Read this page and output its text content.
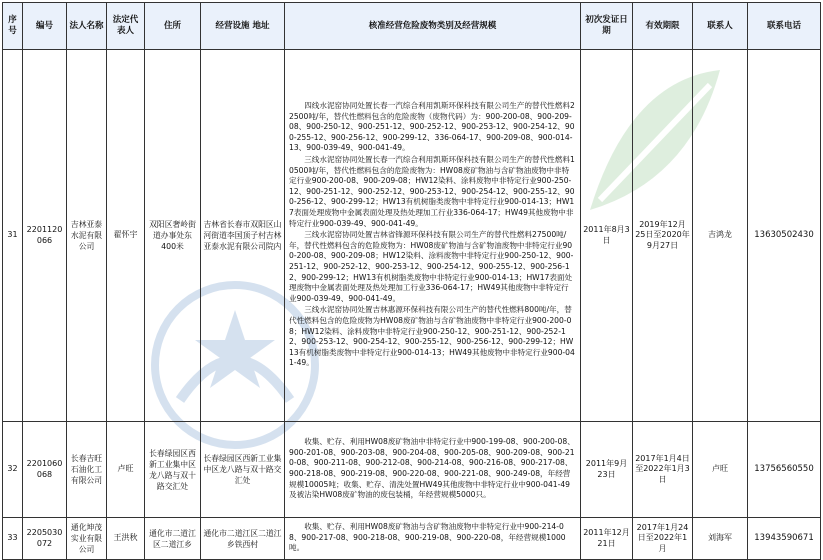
序号	编号	法人名称	法定代表人	住所	经营设施 地址	核准经营危险废物类别及经营规模	初次发证日期	有效期限	联系人	联系电话
31	2201120066	吉林亚泰水泥有限公司	翟怀宇	双阳区奢岭街道办事处东400米	吉林省长春市双阳区山河街道李国顶子村吉林亚泰水泥有限公司院内	四线水泥窑协同处置长春一汽综合利用凯斯环保科技有限公司生产的替代性燃料22500吨/年，替代性燃料包含的危险废物（废物代码）为：900-200-08、900-209-08、900-250-12、900-251-12、900-252-12、900-253-12、900-254-12、900-255-12、900-256-12、900-299-12、336-064-17、900-209-08、900-014-13、900-039-49、900-041-49。

三线水泥窑协同处置长春一汽综合利用凯斯环保科技有限公司生产的替代性燃料10500吨/年，替代性燃料包含的危险废物为：HW08废矿物油与含矿物油废物中非特定行业900-200-08、900-209-08；HW12染料、涂料废物中非特定行业900-250-12、900-251-12、900-252-12、900-253-12、900-254-12、900-255-12、900-256-12、900-299-12；HW13有机树脂类废物中非特定行业900-014-13；HW17表面处理废物中金属表面处理及热处理加工行业336-064-17；HW49其他废物中非特定行业900-039-49、900-041-49。

三线水泥窑协同处置吉林省锋源环保科技有限公司生产的替代性燃料27500吨/年，替代性燃料包含的危险废物为：HW08废矿物油与含矿物油废物中非特定行业900-200-08、900-209-08；HW12染料、涂料废物中非特定行业900-250-12、900-251-12、900-252-12、900-253-12、900-254-12、900-255-12、900-256-12、900-299-12；HW13有机树脂类废物中非特定行业900-014-13；HW17表面处理废物中金属表面处理及热处理加工行业336-064-17；HW49其他废物中非特定行业900-039-49、900-041-49。

三线水泥窑协同处置吉林惠源环保科技有限公司生产的替代性燃料800吨/年，替代性燃料包含的危险废物为HW08废矿物油与含矿物油废物中非特定行业900-200-08；HW12染料、涂料废物中非特定行业900-250-12、900-251-12、900-252-12、900-253-12、900-254-12、900-255-12、900-256-12、900-299-12；HW13有机树脂类废物中非特定行业900-014-13；HW49其他废物中非特定行业900-041-49。	2011年8月3日	2019年12月25日至2020年9月27日	吉鸿龙	13630502430
32	2201060068	长春吉旺石油化工有限公司	卢旺	长春绿园区西新工业集中区龙八路与双十路交汇处	长春绿园区西新工业集中区龙八路与双十路交汇处	收集、贮存、利用HW08废矿物油中非特定行业中900-199-08、900-200-08、900-201-08、900-203-08、900-204-08、900-205-08、900-209-08、900-210-08、900-211-08、900-212-08、900-214-08、900-216-08、900-217-08、900-218-08、900-219-08、900-220-08、900-221-08、900-249-08，年经营规模10005吨；收集、贮存、清洗处置HW49其他废物中非特定行业中900-041-49及被沾染HW08废矿物油的废包装桶，年经营规模5000只。	2011年9月23日	2017年1月4日至2022年1月3日	卢旺	13756560550
33	2205030072	通化坤茂实业有限公司	王洪秋	通化市二道江区二道江乡	通化市二道江区二道江乡铁西村	收集、贮存、利用HW08废矿物油与含矿物油废物中非特定行业中900-214-08、900-217-08、900-218-08、900-219-08、900-220-08，年经营规模1000吨。	2011年12月21日	2017年1月24日至2022年1月	刘海军	13943590671
